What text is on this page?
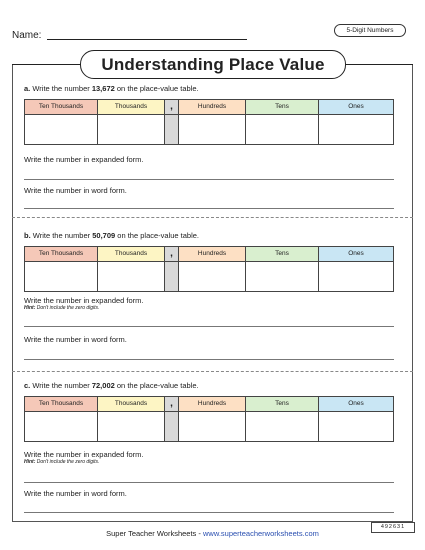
Name:	5-Digit Numbers
Understanding Place Value
a. Write the number 13,672 on the place-value table.
Ten Thousands	Thousands	,	Hundreds	Tens	Ones

Write the number in expanded form.
Write the number in word form.
b. Write the number 50,709 on the place-value table.
Ten Thousands	Thousands	,	Hundreds	Tens	Ones

Write the number in expanded form.
Hint: Don't include the zero digits.
Write the number in word form.
c. Write the number 72,002 on the place-value table.
Ten Thousands	Thousands	,	Hundreds	Tens	Ones

Write the number in expanded form.
Hint: Don't include the zero digits.
Write the number in word form.
492631
Super Teacher Worksheets - www.superteacherworksheets.com
